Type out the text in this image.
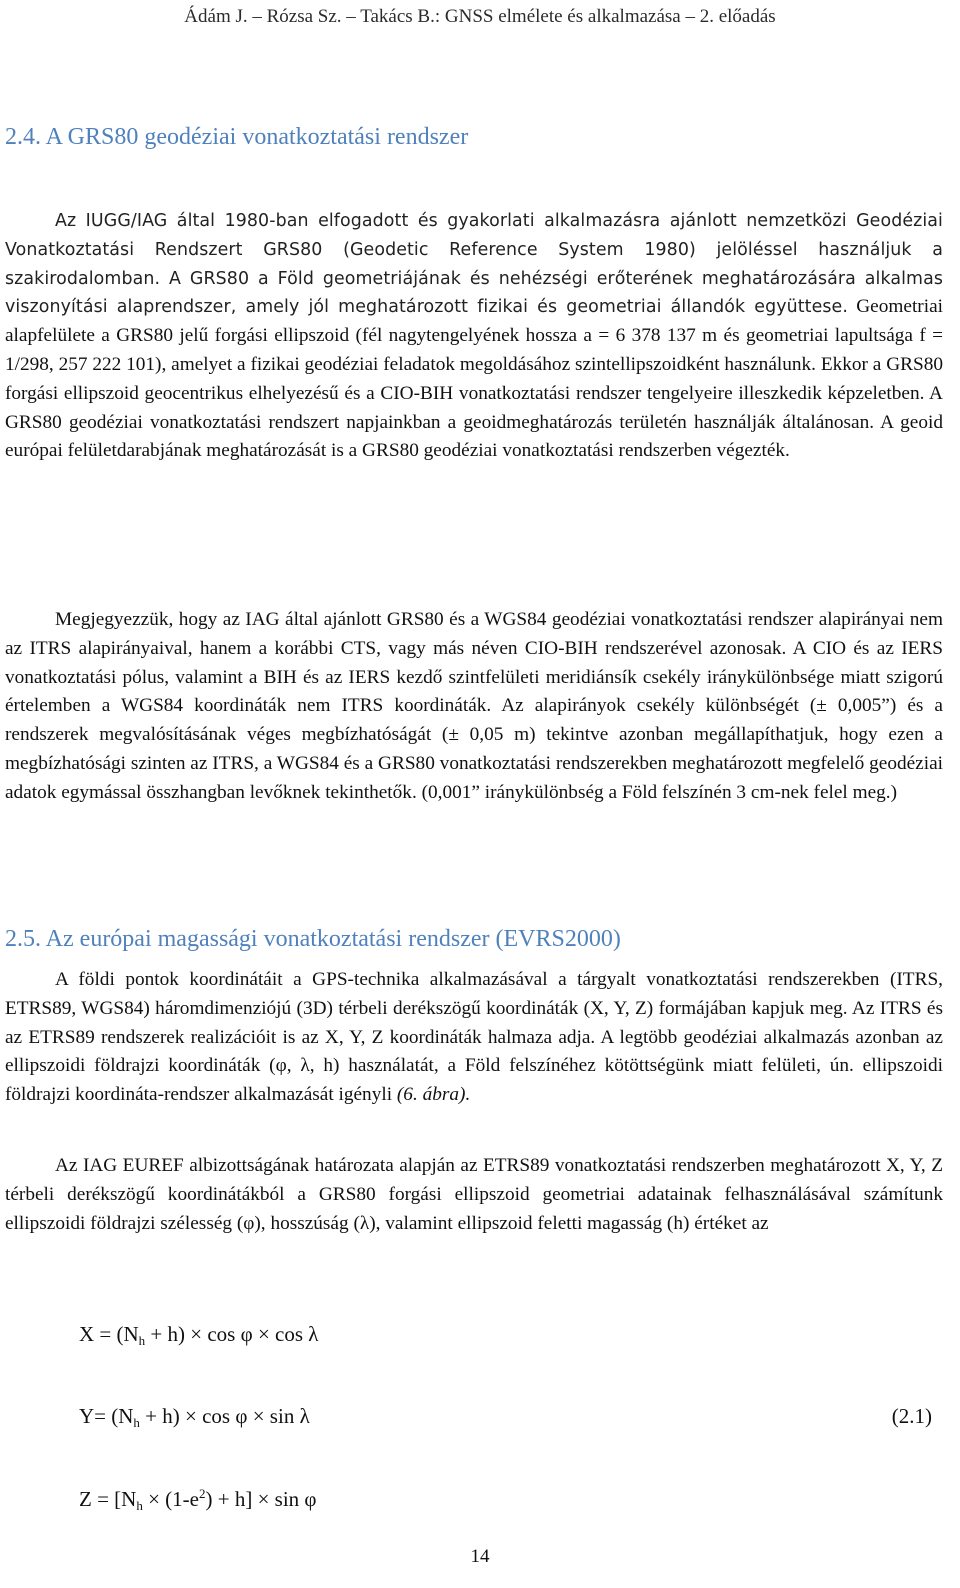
Ádám J. – Rózsa Sz. – Takács B.: GNSS elmélete és alkalmazása – 2. előadás
2.4. A GRS80 geodéziai vonatkoztatási rendszer

Az IUGG/IAG által 1980-ban elfogadott és gyakorlati alkalmazásra ajánlott nemzetközi Geodéziai Vonatkoztatási Rendszert GRS80 (Geodetic Reference System 1980) jelöléssel használjuk a szakirodalomban. A GRS80 a Föld geometriájának és nehézségi erőterének meghatározására alkalmas viszonyítási alaprendszer, amely jól meghatározott fizikai és geometriai állandók együttese. Geometriai alapfelülete a GRS80 jelű forgási ellipszoid (fél nagytengelyének hossza a = 6 378 137 m és geometriai lapultsága f = 1/298, 257 222 101), amelyet a fizikai geodéziai feladatok megoldásához szintellipszoidként használunk. Ekkor a GRS80 forgási ellipszoid geocentrikus elhelyezésű és a CIO-BIH vonatkoztatási rendszer tengelyeire illeszkedik képzeletben. A GRS80 geodéziai vonatkoztatási rendszert napjainkban a geoidmeghatározás területén használják általánosan. A geoid európai felületdarabjának meghatározását is a GRS80 geodéziai vonatkoztatási rendszerben végezték.

Megjegyezzük, hogy az IAG által ajánlott GRS80 és a WGS84 geodéziai vonatkoztatási rendszer alapirányai nem az ITRS alapirányaival, hanem a korábbi CTS, vagy más néven CIO-BIH rendszerével azonosak. A CIO és az IERS vonatkoztatási pólus, valamint a BIH és az IERS kezdő szintfelületi meridiánsík csekély iránykülönbsége miatt szigorú értelemben a WGS84 koordináták nem ITRS koordináták. Az alapirányok csekély különbségét (± 0,005”) és a rendszerek megvalósításának véges megbízhatóságát (± 0,05 m) tekintve azonban megállapíthatjuk, hogy ezen a megbízhatósági szinten az ITRS, a WGS84 és a GRS80 vonatkoztatási rendszerekben meghatározott megfelelő geodéziai adatok egymással összhangban levőknek tekinthetők. (0,001” iránykülönbség a Föld felszínén 3 cm-nek felel meg.)

2.5. Az európai magassági vonatkoztatási rendszer (EVRS2000)

A földi pontok koordinátáit a GPS-technika alkalmazásával a tárgyalt vonatkoztatási rendszerekben (ITRS, ETRS89, WGS84) háromdimenziójú (3D) térbeli derékszögű koordináták (X, Y, Z) formájában kapjuk meg. Az ITRS és az ETRS89 rendszerek realizációit is az X, Y, Z koordináták halmaza adja. A legtöbb geodéziai alkalmazás azonban az ellipszoidi földrajzi koordináták (φ, λ, h) használatát, a Föld felszínéhez kötöttségünk miatt felületi, ún. ellipszoidi földrajzi koordináta-rendszer alkalmazását igényli (6. ábra).

Az IAG EUREF albizottságának határozata alapján az ETRS89 vonatkoztatási rendszerben meghatározott X, Y, Z térbeli derékszögű koordinátákból a GRS80 forgási ellipszoid geometriai adatainak felhasználásával számítunk ellipszoidi földrajzi szélesség (φ), hosszúság (λ), valamint ellipszoid feletti magasság (h) értéket az

$X = (N_h + h) \times \cos \varphi \times \cos \lambda$
$Y= (N_h + h) \times \cos \varphi \times \sin \lambda$	(2.1)
$Z = [N_h \times (1-e^2) + h] \times \sin \varphi$
14
